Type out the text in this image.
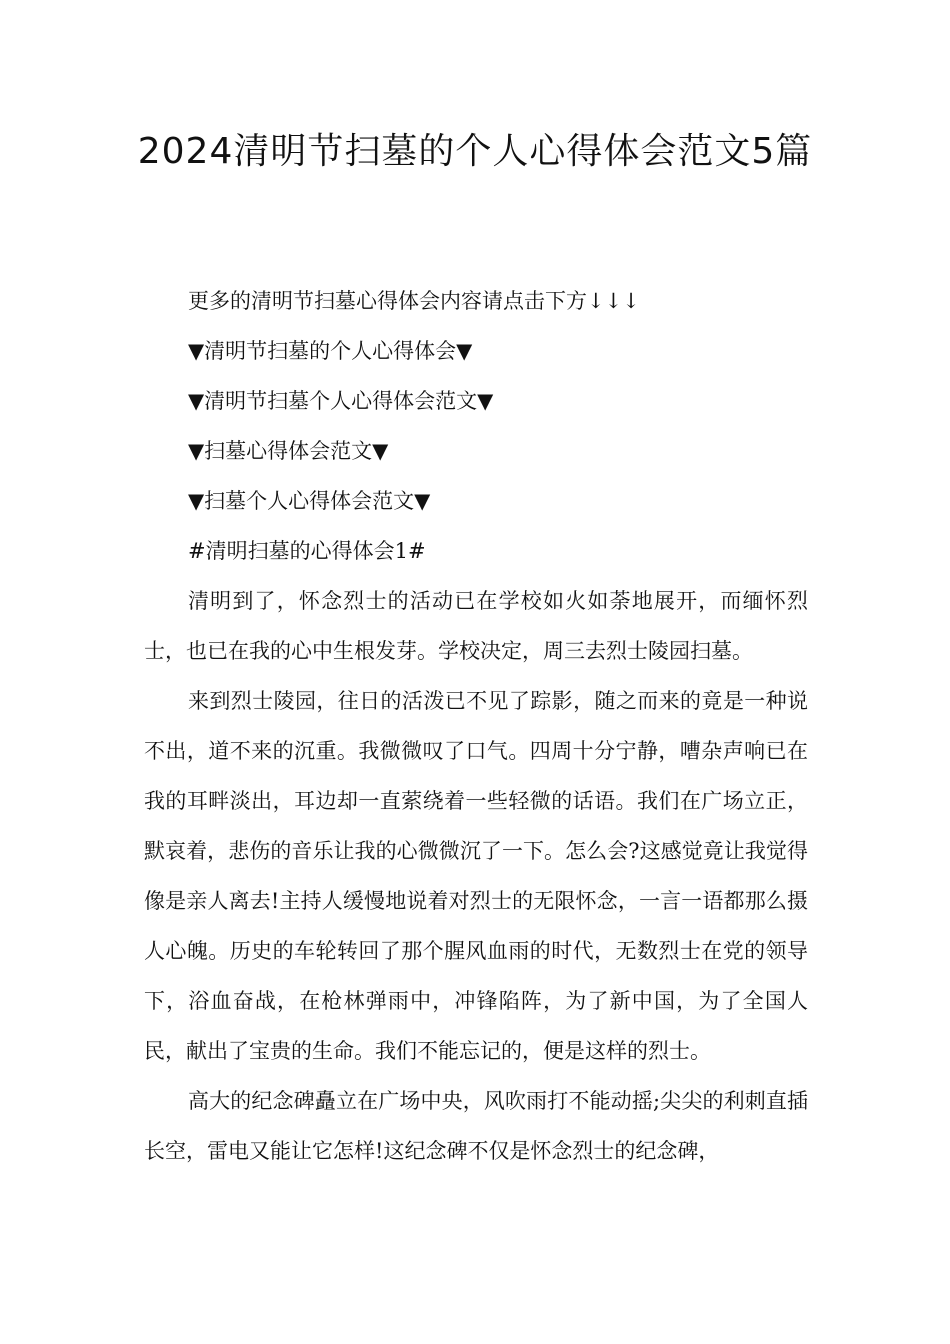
2024清明节扫墓的个人心得体会范文5篇

更多的清明节扫墓心得体会内容请点击下方↓↓↓

▼清明节扫墓的个人心得体会▼

▼清明节扫墓个人心得体会范文▼

▼扫墓心得体会范文▼

▼扫墓个人心得体会范文▼

#清明扫墓的心得体会1#

清明到了，怀念烈士的活动已在学校如火如荼地展开，而缅怀烈士，也已在我的心中生根发芽。学校决定，周三去烈士陵园扫墓。

来到烈士陵园，往日的活泼已不见了踪影，随之而来的竟是一种说不出，道不来的沉重。我微微叹了口气。四周十分宁静，嘈杂声响已在我的耳畔淡出，耳边却一直萦绕着一些轻微的话语。我们在广场立正，默哀着，悲伤的音乐让我的心微微沉了一下。怎么会?这感觉竟让我觉得像是亲人离去!主持人缓慢地说着对烈士的无限怀念，一言一语都那么摄人心魄。历史的车轮转回了那个腥风血雨的时代，无数烈士在党的领导下，浴血奋战，在枪林弹雨中，冲锋陷阵，为了新中国，为了全国人民，献出了宝贵的生命。我们不能忘记的，便是这样的烈士。

高大的纪念碑矗立在广场中央，风吹雨打不能动摇;尖尖的利刺直插长空，雷电又能让它怎样!这纪念碑不仅是怀念烈士的纪念碑，
